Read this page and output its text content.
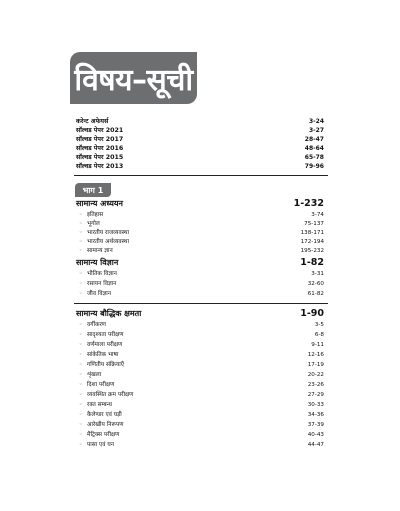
विषय–सूची
करेन्ट अफेयर्स	3-24
सॉल्वड पेपर 2021	3-27
सॉल्वड पेपर 2017	28-47
सॉल्वड पेपर 2016	48-64
सॉल्वड पेपर 2015	65-78
सॉल्वड पेपर 2013	79-96
भाग 1
सामान्य अध्ययन	1-232
◦ इतिहास	3-74
◦ भूगोल	75-137
◦ भारतीय राजव्यवस्था	138-171
◦ भारतीय अर्थव्यवस्था	172-194
◦ सामान्य ज्ञान	195-232
सामान्य विज्ञान	1-82
◦ भौतिक विज्ञान	3-31
◦ रसायन विज्ञान	32-60
◦ जीव विज्ञान	61-82
सामान्य बौद्धिक क्षमता	1-90
◦ वर्गीकरण	3-5
◦ सादृश्यता परीक्षण	6-8
◦ वर्णमाला परीक्षण	9-11
◦ सांकेतिक भाषा	12-16
◦ गणितीय संक्रियाएँ	17-19
◦ शृंखला	20-22
◦ दिशा परीक्षण	23-26
◦ व्यवस्थित क्रम परीक्षण	27-29
◦ रक्त सम्बन्ध	30-33
◦ कैलेण्डर एवं घड़ी	34-36
◦ आरेखीय निरूपण	37-39
◦ मैट्रिक्स परीक्षण	40-43
◦ पासा एवं घन	44-47
